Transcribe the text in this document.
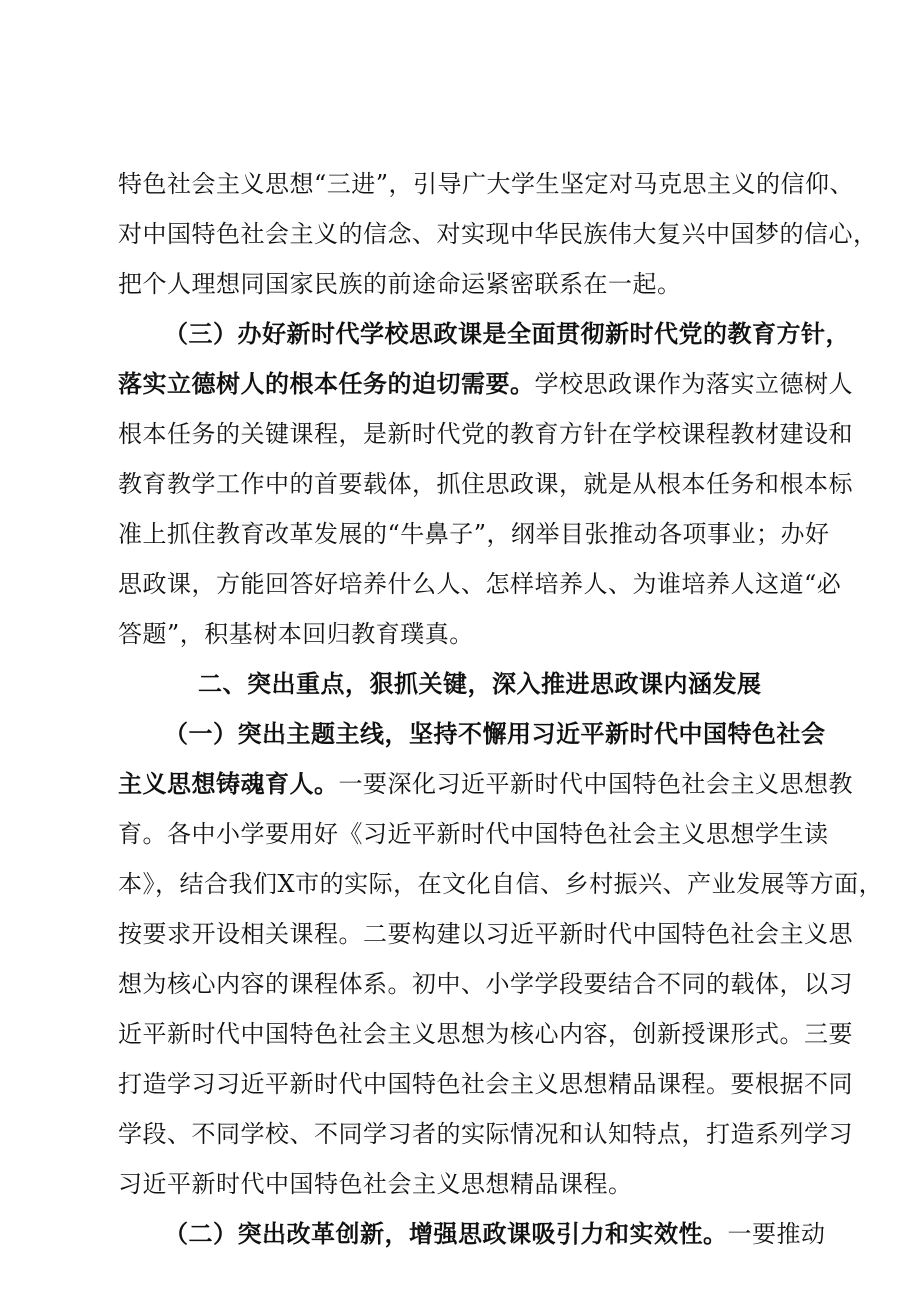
特色社会主义思想“三进”，引导广大学生坚定对马克思主义的信仰、
对中国特色社会主义的信念、对实现中华民族伟大复兴中国梦的信心，
把个人理想同国家民族的前途命运紧密联系在一起。
（三）办好新时代学校思政课是全面贯彻新时代党的教育方针，
落实立德树人的根本任务的迫切需要。学校思政课作为落实立德树人
根本任务的关键课程，是新时代党的教育方针在学校课程教材建设和
教育教学工作中的首要载体，抓住思政课，就是从根本任务和根本标
准上抓住教育改革发展的“牛鼻子”，纲举目张推动各项事业；办好
思政课，方能回答好培养什么人、怎样培养人、为谁培养人这道“必
答题”，积基树本回归教育璞真。
二、突出重点，狠抓关键，深入推进思政课内涵发展
（一）突出主题主线，坚持不懈用习近平新时代中国特色社会
主义思想铸魂育人。一要深化习近平新时代中国特色社会主义思想教
育。各中小学要用好《习近平新时代中国特色社会主义思想学生读
本》，结合我们X市的实际，在文化自信、乡村振兴、产业发展等方面，
按要求开设相关课程。二要构建以习近平新时代中国特色社会主义思
想为核心内容的课程体系。初中、小学学段要结合不同的载体，以习
近平新时代中国特色社会主义思想为核心内容，创新授课形式。三要
打造学习习近平新时代中国特色社会主义思想精品课程。要根据不同
学段、不同学校、不同学习者的实际情况和认知特点，打造系列学习
习近平新时代中国特色社会主义思想精品课程。
（二）突出改革创新，增强思政课吸引力和实效性。一要推动
